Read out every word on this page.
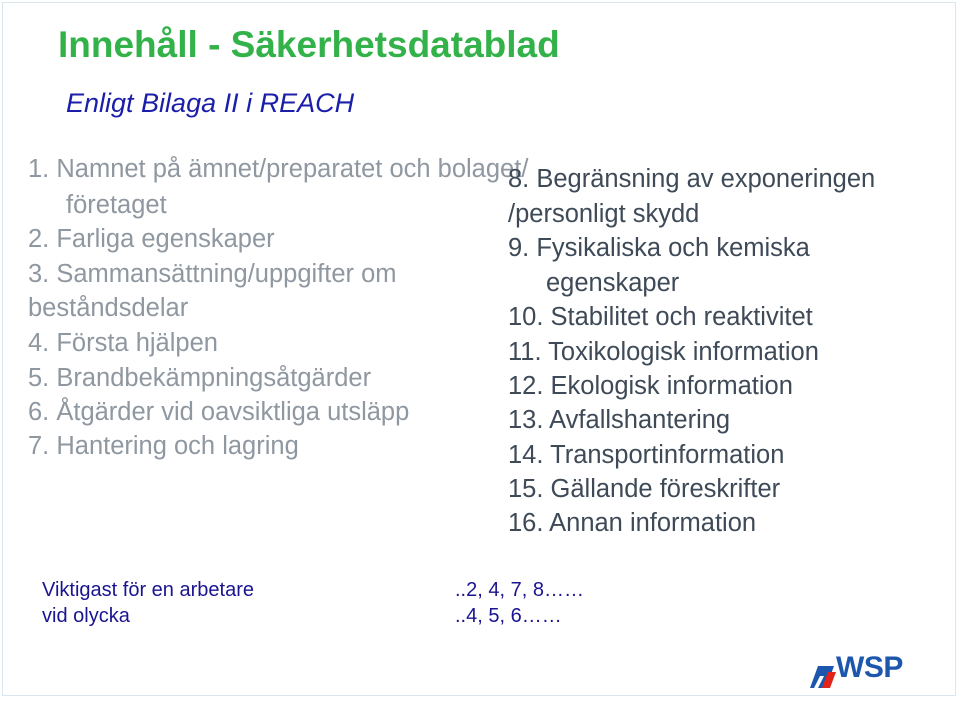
Innehåll - Säkerhetsdatablad
Enligt Bilaga II i REACH
1. Namnet på ämnet/preparatet och bolaget/
företaget
2. Farliga egenskaper
3. Sammansättning/uppgifter om
beståndsdelar
4. Första hjälpen
5. Brandbekämpningsåtgärder
6. Åtgärder vid oavsiktliga utsläpp
7. Hantering och lagring
8. Begränsning av exponeringen
/personligt skydd
9. Fysikaliska och kemiska
egenskaper
10. Stabilitet och reaktivitet
11. Toxikologisk information
12. Ekologisk information
13. Avfallshantering
14. Transportinformation
15. Gällande föreskrifter
16. Annan information
Viktigast för en arbetare
vid olycka
..2, 4, 7, 8……
..4, 5, 6……
WSP
